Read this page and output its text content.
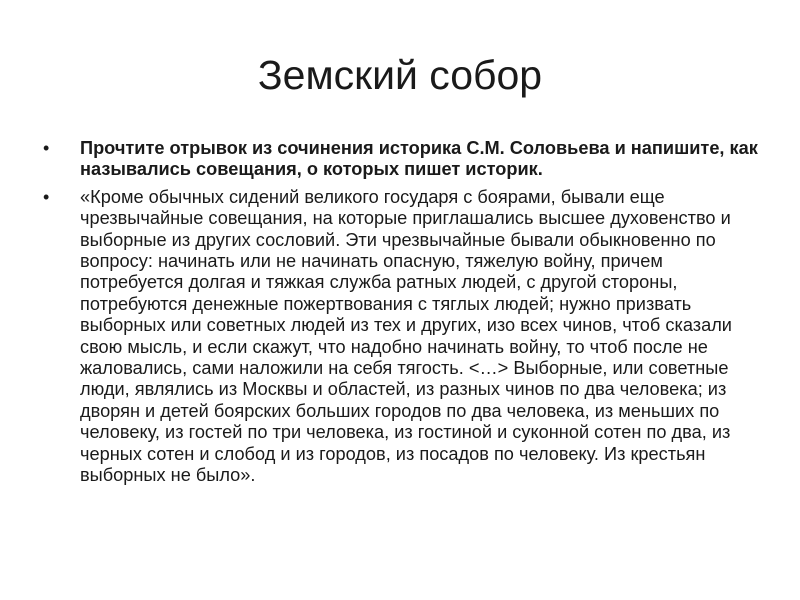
Земский собор
•	Прочтите отрывок из сочинения историка С.М. Соловьева и напишите, как назывались совещания, о которых пишет историк.
•	«Кроме обычных сидений великого государя с боярами, бывали еще чрезвычайные совещания, на которые приглашались высшее духовенство и выборные из других сословий. Эти чрезвычайные бывали обыкновенно по вопросу: начинать или не начинать опасную, тяжелую войну, причем потребуется долгая и тяжкая служба ратных людей, с другой стороны, потребуются денежные пожертвования с тяглых людей; нужно призвать выборных или советных людей из тех и других, изо всех чинов, чтоб сказали свою мысль, и если скажут, что надобно начинать войну, то чтоб после не жаловались, сами наложили на себя тягость. <…> Выборные, или советные люди, являлись из Москвы и областей, из разных чинов по два человека; из дворян и детей боярских больших городов по два человека, из меньших по человеку, из гостей по три человека, из гостиной и суконной сотен по два, из черных сотен и слобод и из городов, из посадов по человеку. Из крестьян выборных не было».
